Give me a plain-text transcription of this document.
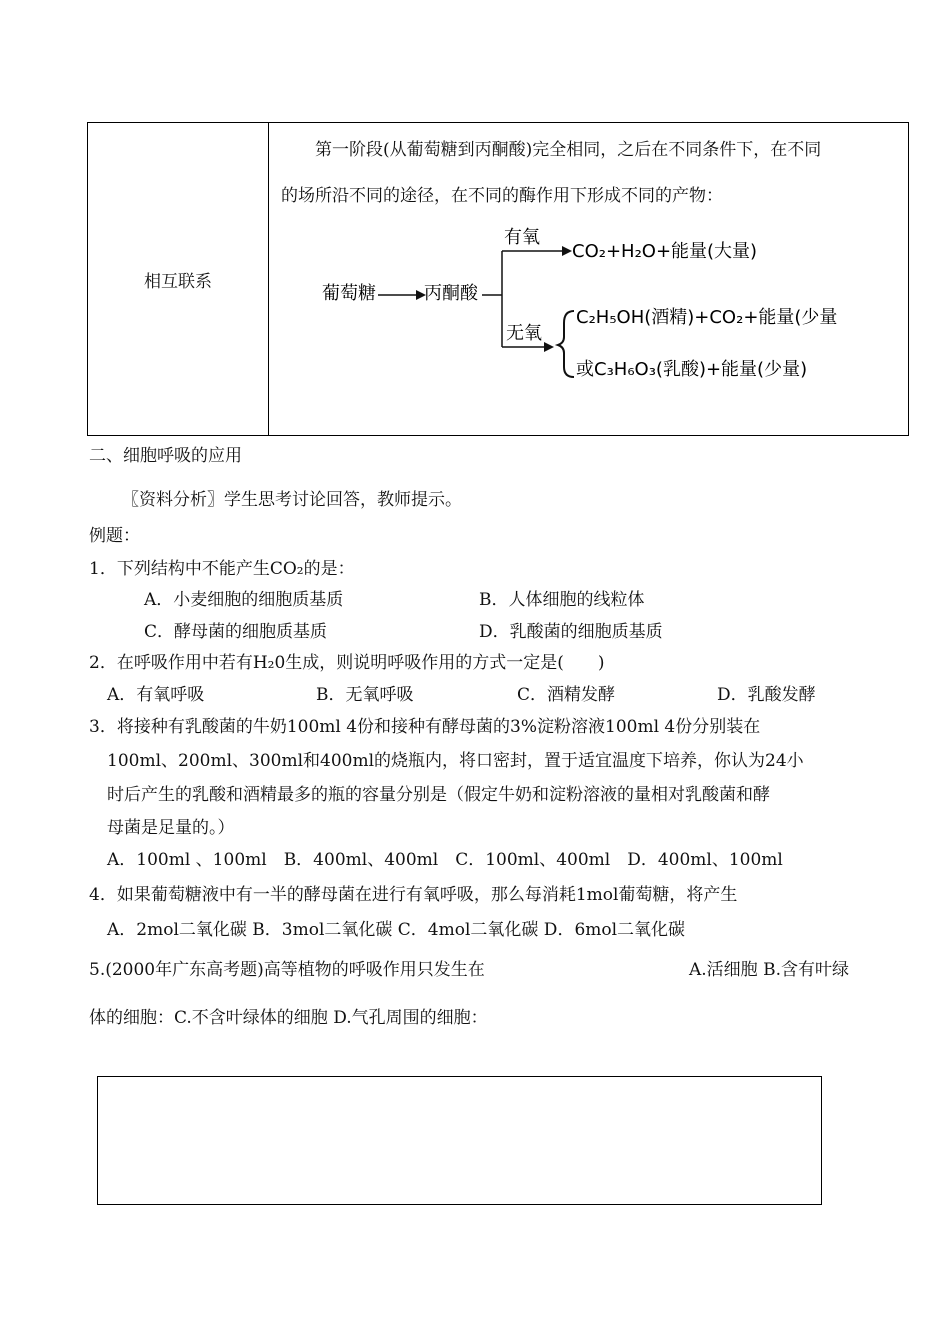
相互联系
第一阶段(从葡萄糖到丙酮酸)完全相同，之后在不同条件下，在不同
的场所沿不同的途径，在不同的酶作用下形成不同的产物：
葡萄糖	丙酮酸
有氧
CO₂+H₂O+能量(大量)
无氧
C₂H₅OH(酒精)+CO₂+能量(少量
或C₃H₆O₃(乳酸)+能量(少量)
二、细胞呼吸的应用
〖资料分析〗学生思考讨论回答，教师提示。
例题：
1．下列结构中不能产生CO₂的是：
A．小麦细胞的细胞质基质	B．人体细胞的线粒体
C．酵母菌的细胞质基质	D．乳酸菌的细胞质基质
2．在呼吸作用中若有H₂0生成，则说明呼吸作用的方式一定是(　　)
A．有氧呼吸	B．无氧呼吸	C．酒精发酵	D．乳酸发酵
3．将接种有乳酸菌的牛奶100ml 4份和接种有酵母菌的3%淀粉溶液100ml 4份分别装在
100ml、200ml、300ml和400ml的烧瓶内，将口密封，置于适宜温度下培养，你认为24小
时后产生的乳酸和酒精最多的瓶的容量分别是（假定牛奶和淀粉溶液的量相对乳酸菌和酵
母菌是足量的。）
A．100ml 、100ml　B．400ml、400ml　C．100ml、400ml　D．400ml、100ml
4．如果葡萄糖液中有一半的酵母菌在进行有氧呼吸，那么每消耗1mol葡萄糖，将产生
A．2mol二氧化碳 B．3mol二氧化碳 C．4mol二氧化碳 D．6mol二氧化碳
5.(2000年广东高考题)高等植物的呼吸作用只发生在	A.活细胞 B.含有叶绿
体的细胞：C.不含叶绿体的细胞 D.气孔周围的细胞：
